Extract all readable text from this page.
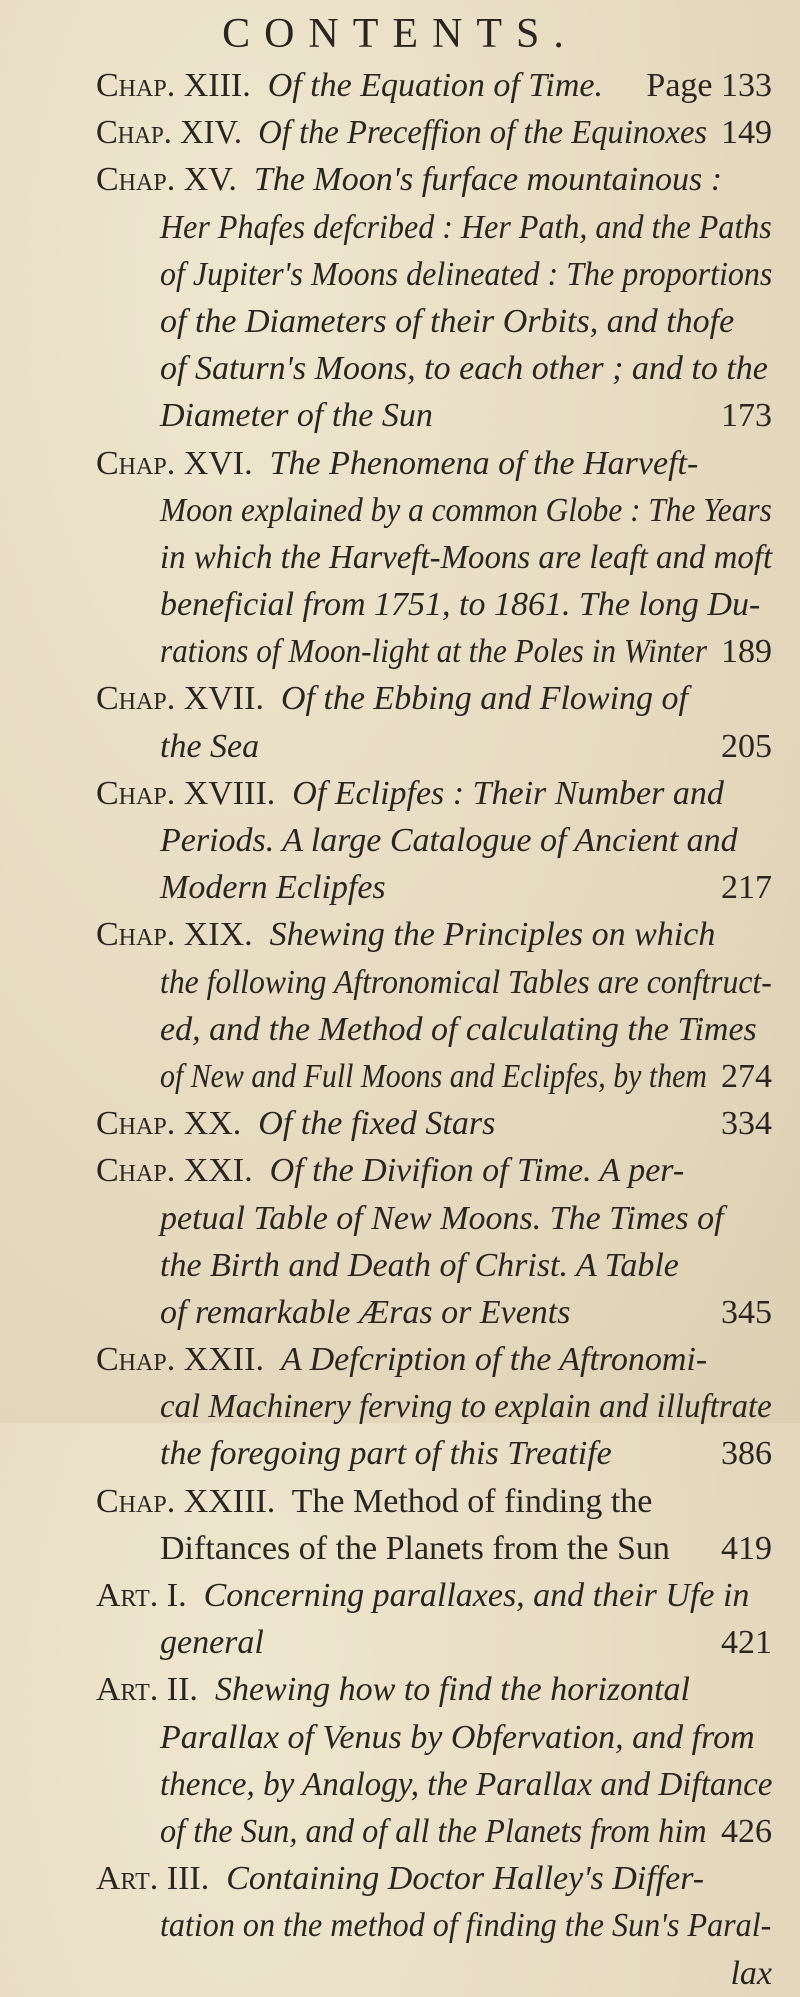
CONTENTS.
Chap. XIII. Of the Equation of Time. Page 133
Chap. XIV. Of the Preceffion of the Equinoxes 149
Chap. XV. The Moon's furface mountainous :
Her Phafes defcribed : Her Path, and the Paths
of Jupiter's Moons delineated : The proportions
of the Diameters of their Orbits, and thofe
of Saturn's Moons, to each other ; and to the
Diameter of the Sun	173
Chap. XVI. The Phenomena of the Harveft-
Moon explained by a common Globe : The Years
in which the Harveft-Moons are leaft and moft
beneficial from 1751, to 1861. The long Du-
rations of Moon-light at the Poles in Winter 189
Chap. XVII. Of the Ebbing and Flowing of
the Sea	205
Chap. XVIII. Of Eclipfes : Their Number and
Periods. A large Catalogue of Ancient and
Modern Eclipfes	217
Chap. XIX. Shewing the Principles on which
the following Aftronomical Tables are conftruct-
ed, and the Method of calculating the Times
of New and Full Moons and Eclipfes, by them 274
Chap. XX. Of the fixed Stars	334
Chap. XXI. Of the Divifion of Time. A per-
petual Table of New Moons. The Times of
the Birth and Death of Christ. A Table
of remarkable Æras or Events	345
Chap. XXII. A Defcription of the Aftronomi-
cal Machinery ferving to explain and illuftrate
the foregoing part of this Treatife	386
Chap. XXIII. The Method of finding the
Diftances of the Planets from the Sun 419
Art. I. Concerning parallaxes, and their Ufe in
general	421
Art. II. Shewing how to find the horizontal
Parallax of Venus by Obfervation, and from
thence, by Analogy, the Parallax and Diftance
of the Sun, and of all the Planets from him 426
Art. III. Containing Doctor Halley's Differ-
tation on the method of finding the Sun's Paral-
lax
